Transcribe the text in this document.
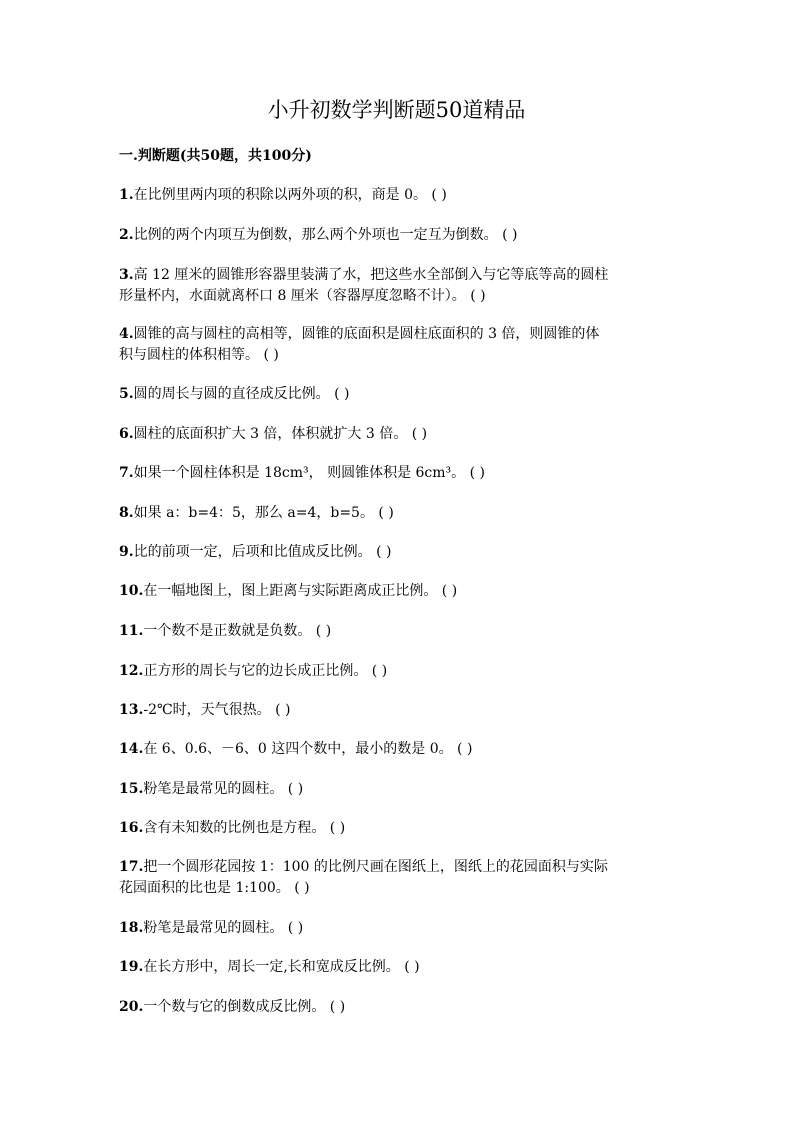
小升初数学判断题50道精品
一.判断题(共50题，共100分)
1.在比例里两内项的积除以两外项的积，商是 0。 ( )
2.比例的两个内项互为倒数，那么两个外项也一定互为倒数。 ( )
3.高 12 厘米的圆锥形容器里装满了水，把这些水全部倒入与它等底等高的圆柱
形量杯内，水面就离杯口 8 厘米（容器厚度忽略不计）。 ( )
4.圆锥的高与圆柱的高相等，圆锥的底面积是圆柱底面积的 3 倍，则圆锥的体
积与圆柱的体积相等。 ( )
5.圆的周长与圆的直径成反比例。 ( )
6.圆柱的底面积扩大 3 倍，体积就扩大 3 倍。 ( )
7.如果一个圆柱体积是 18cm³， 则圆锥体积是 6cm³。 ( )
8.如果 a：b=4：5，那么 a=4，b=5。 ( )
9.比的前项一定，后项和比值成反比例。 ( )
10.在一幅地图上，图上距离与实际距离成正比例。 ( )
11.一个数不是正数就是负数。 ( )
12.正方形的周长与它的边长成正比例。 ( )
13.-2℃时，天气很热。 ( )
14.在 6、0.6、－6、0 这四个数中，最小的数是 0。 ( )
15.粉笔是最常见的圆柱。 ( )
16.含有未知数的比例也是方程。 ( )
17.把一个圆形花园按 1：100 的比例尺画在图纸上，图纸上的花园面积与实际
花园面积的比也是 1:100。 ( )
18.粉笔是最常见的圆柱。 ( )
19.在长方形中，周长一定,长和宽成反比例。 ( )
20.一个数与它的倒数成反比例。 ( )
